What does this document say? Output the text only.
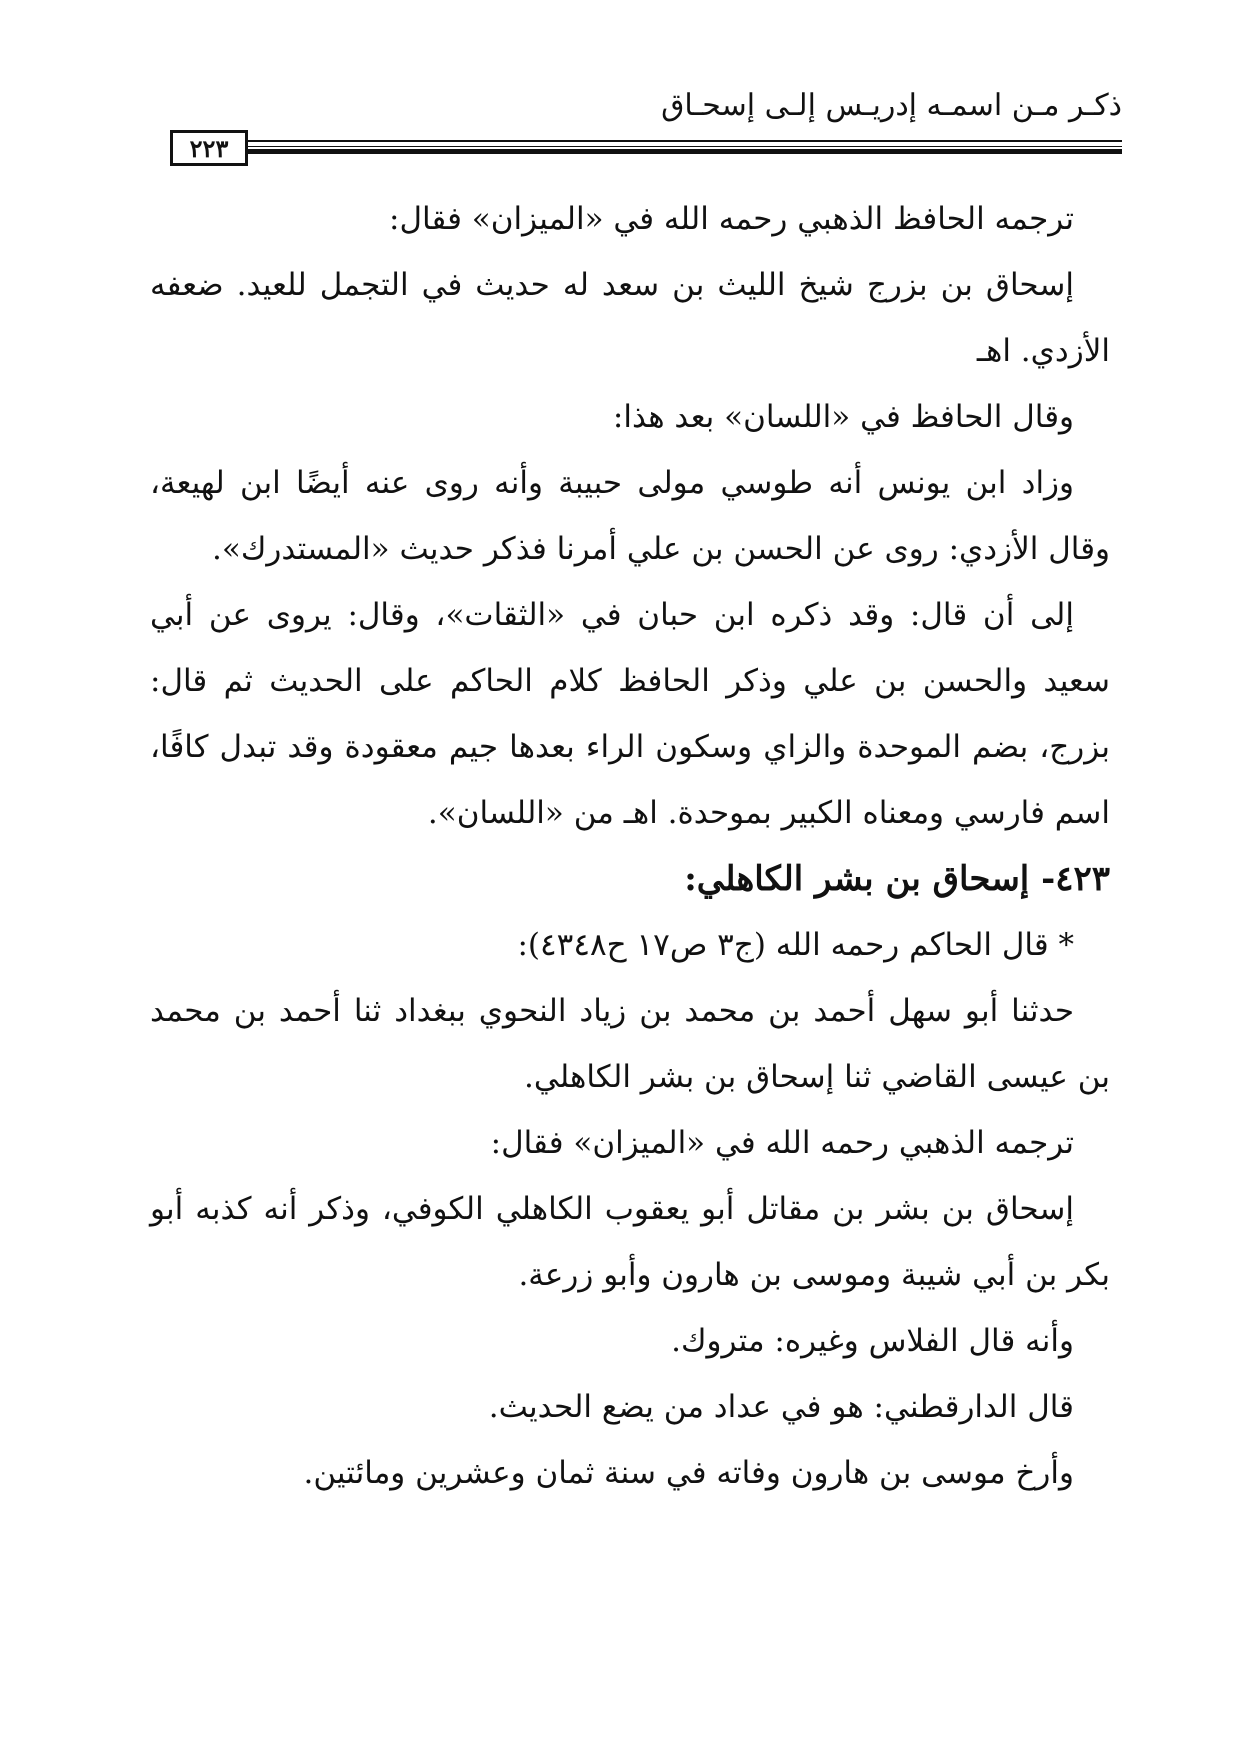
ذكـر مـن اسمـه إدريـس إلـى إسحـاق
٢٢٣

ترجمه الحافظ الذهبي رحمه الله في «الميزان» فقال:

إسحاق بن بزرج شيخ الليث بن سعد له حديث في التجمل للعيد. ضعفه الأزدي. اهـ

وقال الحافظ في «اللسان» بعد هذا:

وزاد ابن يونس أنه طوسي مولى حبيبة وأنه روى عنه أيضًا ابن لهيعة، وقال الأزدي: روى عن الحسن بن علي أمرنا فذكر حديث «المستدرك».

إلى أن قال: وقد ذكره ابن حبان في «الثقات»، وقال: يروى عن أبي سعيد والحسن بن علي وذكر الحافظ كلام الحاكم على الحديث ثم قال: بزرج، بضم الموحدة والزاي وسكون الراء بعدها جيم معقودة وقد تبدل كافًا، اسم فارسي ومعناه الكبير بموحدة. اهـ من «اللسان».

٤٢٣- إسحاق بن بشر الكاهلي:

* قال الحاكم رحمه الله (ج٣ ص١٧ ح٤٣٤٨):

حدثنا أبو سهل أحمد بن محمد بن زياد النحوي ببغداد ثنا أحمد بن محمد بن عيسى القاضي ثنا إسحاق بن بشر الكاهلي.

ترجمه الذهبي رحمه الله في «الميزان» فقال:

إسحاق بن بشر بن مقاتل أبو يعقوب الكاهلي الكوفي، وذكر أنه كذبه أبو بكر بن أبي شيبة وموسى بن هارون وأبو زرعة.

وأنه قال الفلاس وغيره: متروك.

قال الدارقطني: هو في عداد من يضع الحديث.

وأرخ موسى بن هارون وفاته في سنة ثمان وعشرين ومائتين.
